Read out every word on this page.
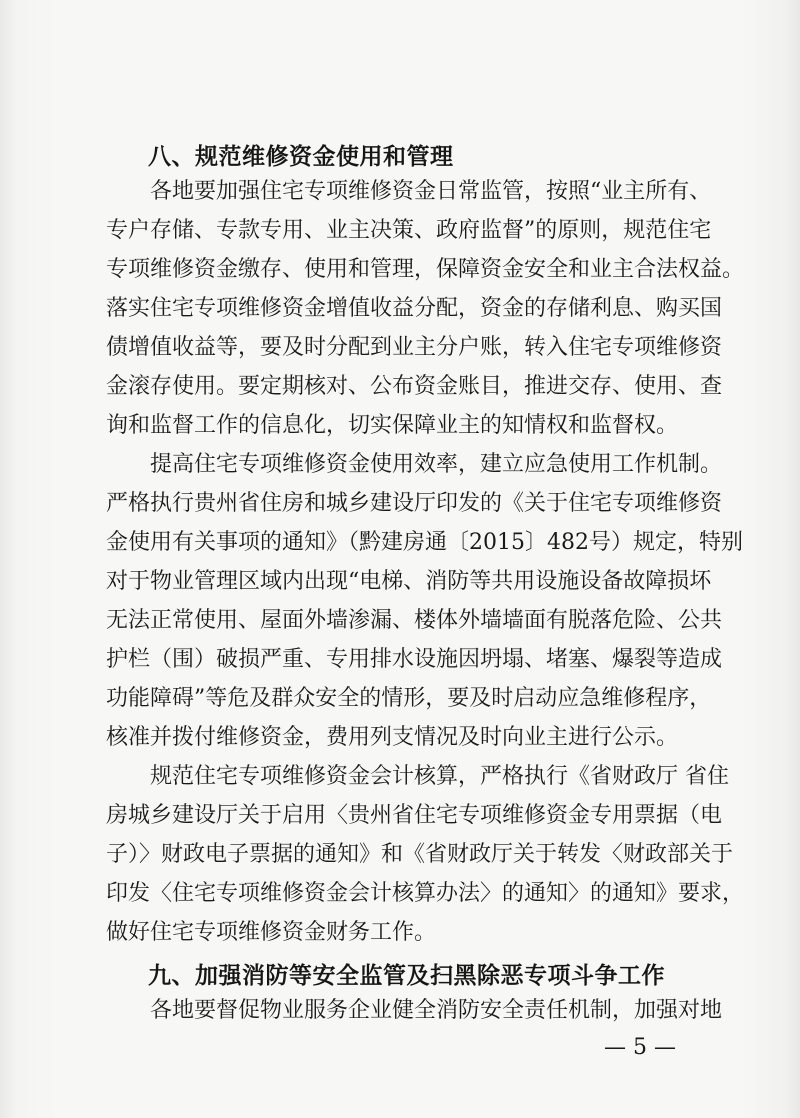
八、规范维修资金使用和管理
各地要加强住宅专项维修资金日常监管，按照“业主所有、
专户存储、专款专用、业主决策、政府监督”的原则，规范住宅
专项维修资金缴存、使用和管理，保障资金安全和业主合法权益。
落实住宅专项维修资金增值收益分配，资金的存储利息、购买国
债增值收益等，要及时分配到业主分户账，转入住宅专项维修资
金滚存使用。要定期核对、公布资金账目，推进交存、使用、查
询和监督工作的信息化，切实保障业主的知情权和监督权。
提高住宅专项维修资金使用效率，建立应急使用工作机制。
严格执行贵州省住房和城乡建设厅印发的《关于住宅专项维修资
金使用有关事项的通知》（黔建房通〔2015〕482号）规定，特别
对于物业管理区域内出现“电梯、消防等共用设施设备故障损坏
无法正常使用、屋面外墙渗漏、楼体外墙墙面有脱落危险、公共
护栏（围）破损严重、专用排水设施因坍塌、堵塞、爆裂等造成
功能障碍”等危及群众安全的情形，要及时启动应急维修程序，
核准并拨付维修资金，费用列支情况及时向业主进行公示。
规范住宅专项维修资金会计核算，严格执行《省财政厅 省住
房城乡建设厅关于启用〈贵州省住宅专项维修资金专用票据（电
子）〉财政电子票据的通知》和《省财政厅关于转发〈财政部关于
印发〈住宅专项维修资金会计核算办法〉的通知〉的通知》要求，
做好住宅专项维修资金财务工作。
九、加强消防等安全监管及扫黑除恶专项斗争工作
各地要督促物业服务企业健全消防安全责任机制，加强对地
— 5 —
